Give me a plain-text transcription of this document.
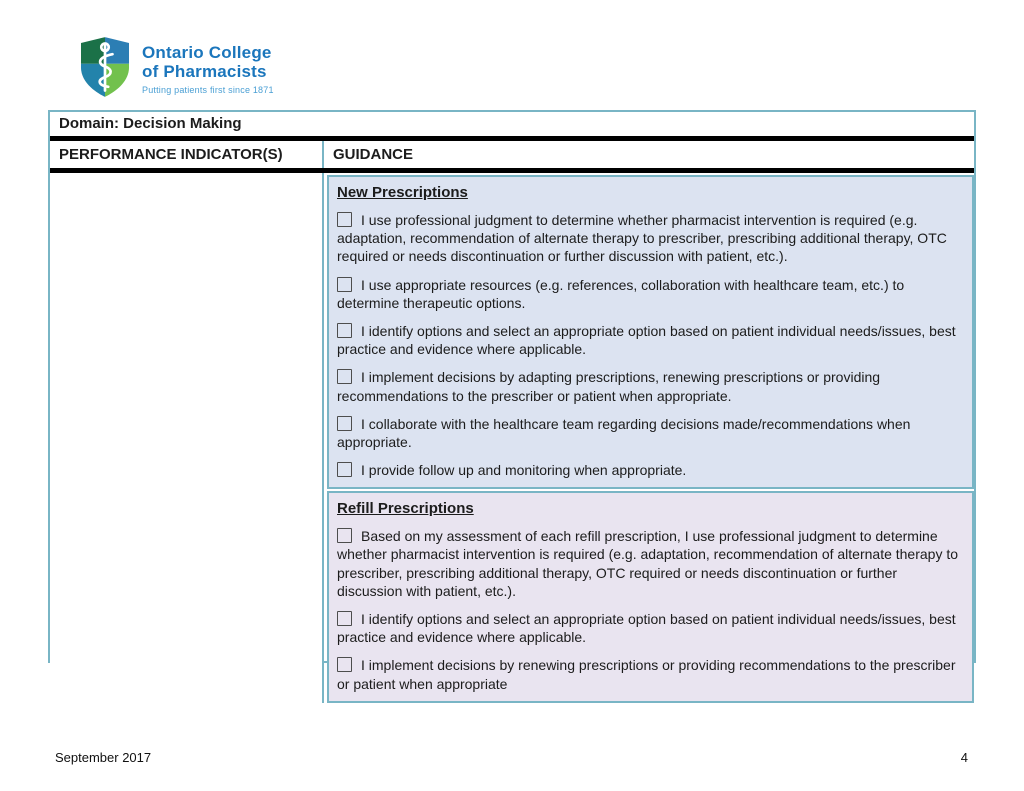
Ontario College
of Pharmacists
Putting patients first since 1871
Domain: Decision Making
PERFORMANCE INDICATOR(S)	GUIDANCE
New Prescriptions

I use professional judgment to determine whether pharmacist intervention is required (e.g. adaptation, recommendation of alternate therapy to prescriber, prescribing additional therapy, OTC required or needs discontinuation or further discussion with patient, etc.).

I use appropriate resources (e.g. references, collaboration with healthcare team, etc.) to determine therapeutic options.

I identify options and select an appropriate option based on patient individual needs/issues, best practice and evidence where applicable.

I implement decisions by adapting prescriptions, renewing prescriptions or providing recommendations to the prescriber or patient when appropriate.

I collaborate with the healthcare team regarding decisions made/recommendations when appropriate.

I provide follow up and monitoring when appropriate.

Refill Prescriptions

Based on my assessment of each refill prescription, I use professional judgment to determine whether pharmacist intervention is required (e.g. adaptation, recommendation of alternate therapy to prescriber, prescribing additional therapy, OTC required or needs discontinuation or further discussion with patient, etc.).

I identify options and select an appropriate option based on patient individual needs/issues, best practice and evidence where applicable.

I implement decisions by renewing prescriptions or providing recommendations to the prescriber or patient when appropriate

September 2017	4
